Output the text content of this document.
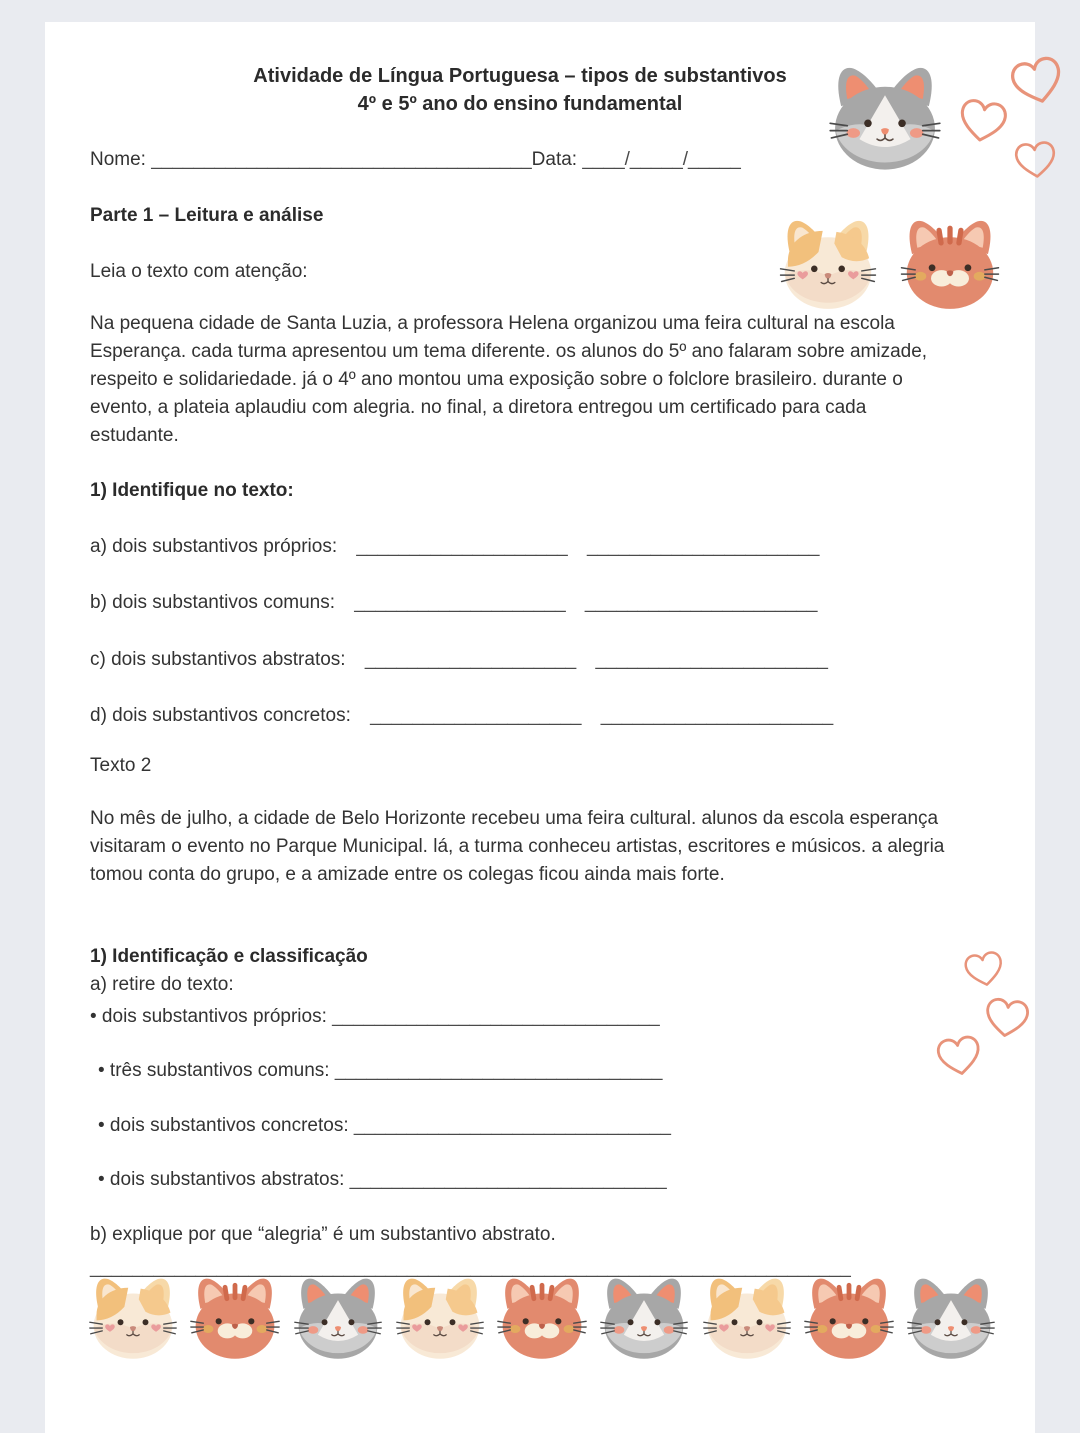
Atividade de Língua Portuguesa – tipos de substantivos
4º e 5º ano do ensino fundamental
Nome: ____________________________________Data: ____/_____/_____
Parte 1 – Leitura e análise
Leia o texto com atenção:
Na pequena cidade de Santa Luzia, a professora Helena organizou uma feira cultural na escola Esperança. cada turma apresentou um tema diferente. os alunos do 5º ano falaram sobre amizade, respeito e solidariedade. já o 4º ano montou uma exposição sobre o folclore brasileiro. durante o evento, a plateia aplaudiu com alegria. no final, a diretora entregou um certificado para cada estudante.
1) Identifique no texto:
a) dois substantivos próprios: ____________________ ______________________
b) dois substantivos comuns: ____________________ ______________________
c) dois substantivos abstratos: ____________________ ______________________
d) dois substantivos concretos: ____________________ ______________________
Texto 2
No mês de julho, a cidade de Belo Horizonte recebeu uma feira cultural. alunos da escola esperança visitaram o evento no Parque Municipal. lá, a turma conheceu artistas, escritores e músicos. a alegria tomou conta do grupo, e a amizade entre os colegas ficou ainda mais forte.
1) Identificação e classificação
a) retire do texto:
• dois substantivos próprios: _______________________________
• três substantivos comuns: _______________________________
• dois substantivos concretos: ______________________________
• dois substantivos abstratos: ______________________________
b) explique por que “alegria” é um substantivo abstrato.
________________________________________________________________________
